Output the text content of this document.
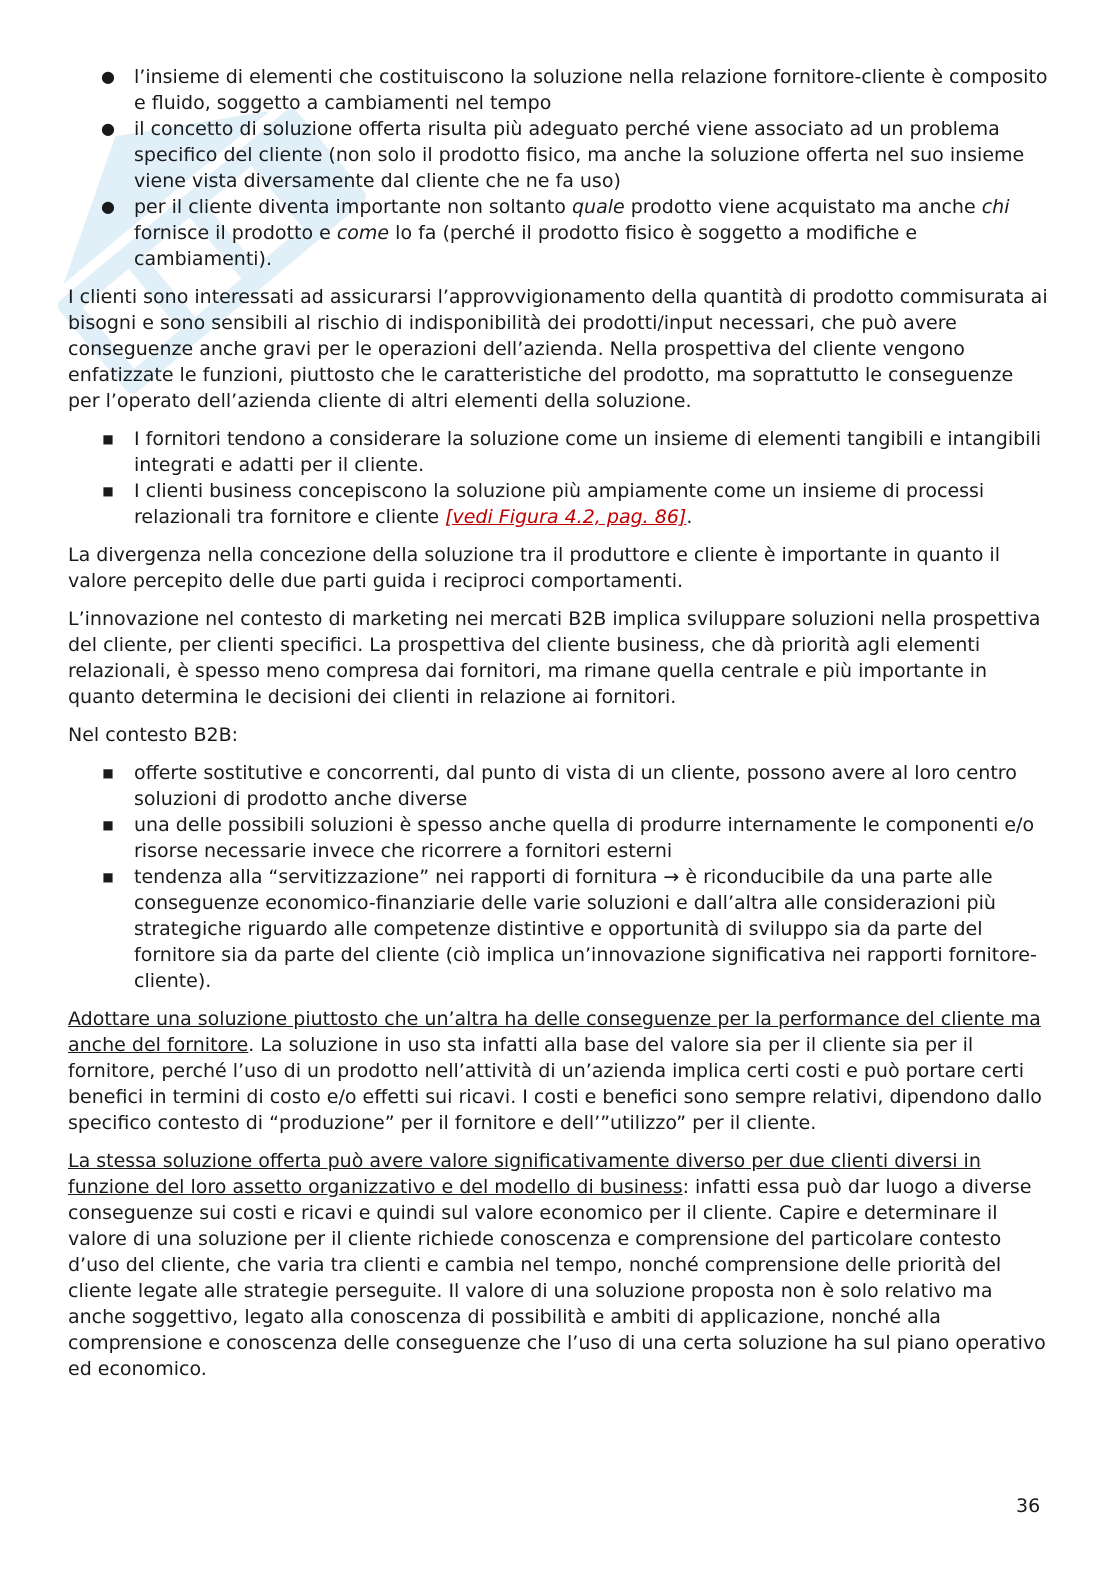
● l’insieme di elementi che costituiscono la soluzione nella relazione fornitore-cliente è composito e fluido, soggetto a cambiamenti nel tempo
● il concetto di soluzione offerta risulta più adeguato perché viene associato ad un problema specifico del cliente (non solo il prodotto fisico, ma anche la soluzione offerta nel suo insieme viene vista diversamente dal cliente che ne fa uso)
● per il cliente diventa importante non soltanto quale prodotto viene acquistato ma anche chi fornisce il prodotto e come lo fa (perché il prodotto fisico è soggetto a modifiche e cambiamenti).

I clienti sono interessati ad assicurarsi l’approvvigionamento della quantità di prodotto commisurata ai bisogni e sono sensibili al rischio di indisponibilità dei prodotti/input necessari, che può avere conseguenze anche gravi per le operazioni dell’azienda. Nella prospettiva del cliente vengono enfatizzate le funzioni, piuttosto che le caratteristiche del prodotto, ma soprattutto le conseguenze per l’operato dell’azienda cliente di altri elementi della soluzione.

■ I fornitori tendono a considerare la soluzione come un insieme di elementi tangibili e intangibili integrati e adatti per il cliente.
■ I clienti business concepiscono la soluzione più ampiamente come un insieme di processi relazionali tra fornitore e cliente [vedi Figura 4.2, pag. 86].

La divergenza nella concezione della soluzione tra il produttore e cliente è importante in quanto il valore percepito delle due parti guida i reciproci comportamenti.

L’innovazione nel contesto di marketing nei mercati B2B implica sviluppare soluzioni nella prospettiva del cliente, per clienti specifici. La prospettiva del cliente business, che dà priorità agli elementi relazionali, è spesso meno compresa dai fornitori, ma rimane quella centrale e più importante in quanto determina le decisioni dei clienti in relazione ai fornitori.

Nel contesto B2B:

■ offerte sostitutive e concorrenti, dal punto di vista di un cliente, possono avere al loro centro soluzioni di prodotto anche diverse
■ una delle possibili soluzioni è spesso anche quella di produrre internamente le componenti e/o risorse necessarie invece che ricorrere a fornitori esterni
■ tendenza alla “servitizzazione” nei rapporti di fornitura → è riconducibile da una parte alle conseguenze economico-finanziarie delle varie soluzioni e dall’altra alle considerazioni più strategiche riguardo alle competenze distintive e opportunità di sviluppo sia da parte del fornitore sia da parte del cliente (ciò implica un’innovazione significativa nei rapporti fornitore-cliente).

Adottare una soluzione piuttosto che un’altra ha delle conseguenze per la performance del cliente ma anche del fornitore. La soluzione in uso sta infatti alla base del valore sia per il cliente sia per il fornitore, perché l’uso di un prodotto nell’attività di un’azienda implica certi costi e può portare certi benefici in termini di costo e/o effetti sui ricavi. I costi e benefici sono sempre relativi, dipendono dallo specifico contesto di “produzione” per il fornitore e dell’”utilizzo” per il cliente.

La stessa soluzione offerta può avere valore significativamente diverso per due clienti diversi in funzione del loro assetto organizzativo e del modello di business: infatti essa può dar luogo a diverse conseguenze sui costi e ricavi e quindi sul valore economico per il cliente. Capire e determinare il valore di una soluzione per il cliente richiede conoscenza e comprensione del particolare contesto d’uso del cliente, che varia tra clienti e cambia nel tempo, nonché comprensione delle priorità del cliente legate alle strategie perseguite. Il valore di una soluzione proposta non è solo relativo ma anche soggettivo, legato alla conoscenza di possibilità e ambiti di applicazione, nonché alla comprensione e conoscenza delle conseguenze che l’uso di una certa soluzione ha sul piano operativo ed economico.

36
